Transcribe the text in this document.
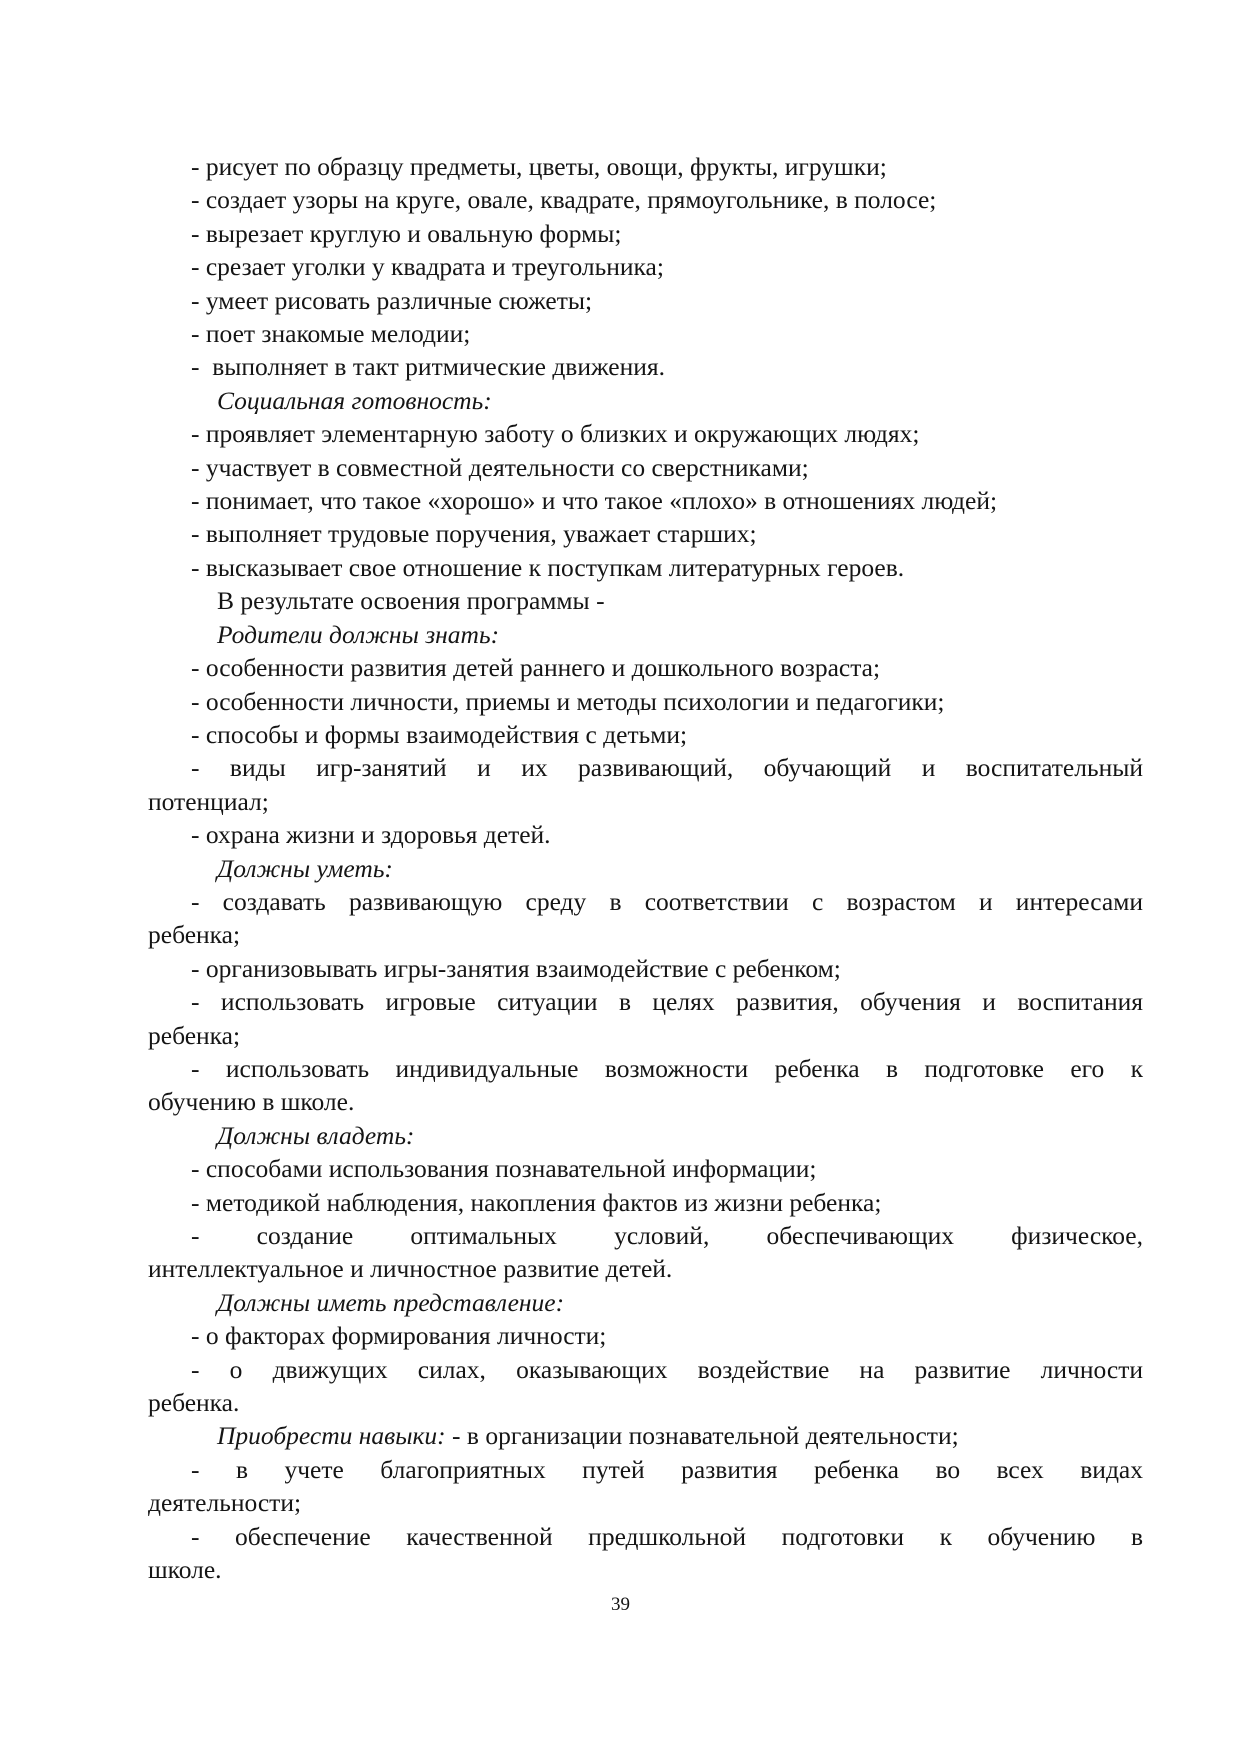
- рисует по образцу предметы, цветы, овощи, фрукты, игрушки;

- создает узоры на круге, овале, квадрате, прямоугольнике, в полосе;

- вырезает круглую и овальную формы;

- срезает уголки у квадрата и треугольника;

- умеет рисовать различные сюжеты;

- поет знакомые мелодии;

-  выполняет в такт ритмические движения.

Социальная готовность:

- проявляет элементарную заботу о близких и окружающих людях;

- участвует в совместной деятельности со сверстниками;

- понимает, что такое «хорошо» и что такое «плохо» в отношениях людей;

- выполняет трудовые поручения, уважает старших;

- высказывает свое отношение к поступкам литературных героев.

В результате освоения программы -

Родители должны знать:

- особенности развития детей раннего и дошкольного возраста;

- особенности личности, приемы и методы психологии и педагогики;

- способы и формы взаимодействия с детьми;

- виды игр-занятий и их развивающий, обучающий и воспитательный

потенциал;

- охрана жизни и здоровья детей.

Должны уметь:

- создавать развивающую среду в соответствии с возрастом и интересами

ребенка;

- организовывать игры-занятия взаимодействие с ребенком;

- использовать игровые ситуации в целях развития, обучения и воспитания

ребенка;

- использовать индивидуальные возможности ребенка в подготовке его к

обучению в школе.

Должны владеть:

- способами использования познавательной информации;

- методикой наблюдения, накопления фактов из жизни ребенка;

- создание оптимальных условий, обеспечивающих физическое,

интеллектуальное и личностное развитие детей.

Должны иметь представление:

- о факторах формирования личности;

- о движущих силах, оказывающих воздействие на развитие личности

ребенка.

Приобрести навыки: - в организации познавательной деятельности;

- в учете благоприятных путей развития ребенка во всех видах

деятельности;

- обеспечение качественной предшкольной подготовки к обучению в

школе.

39
